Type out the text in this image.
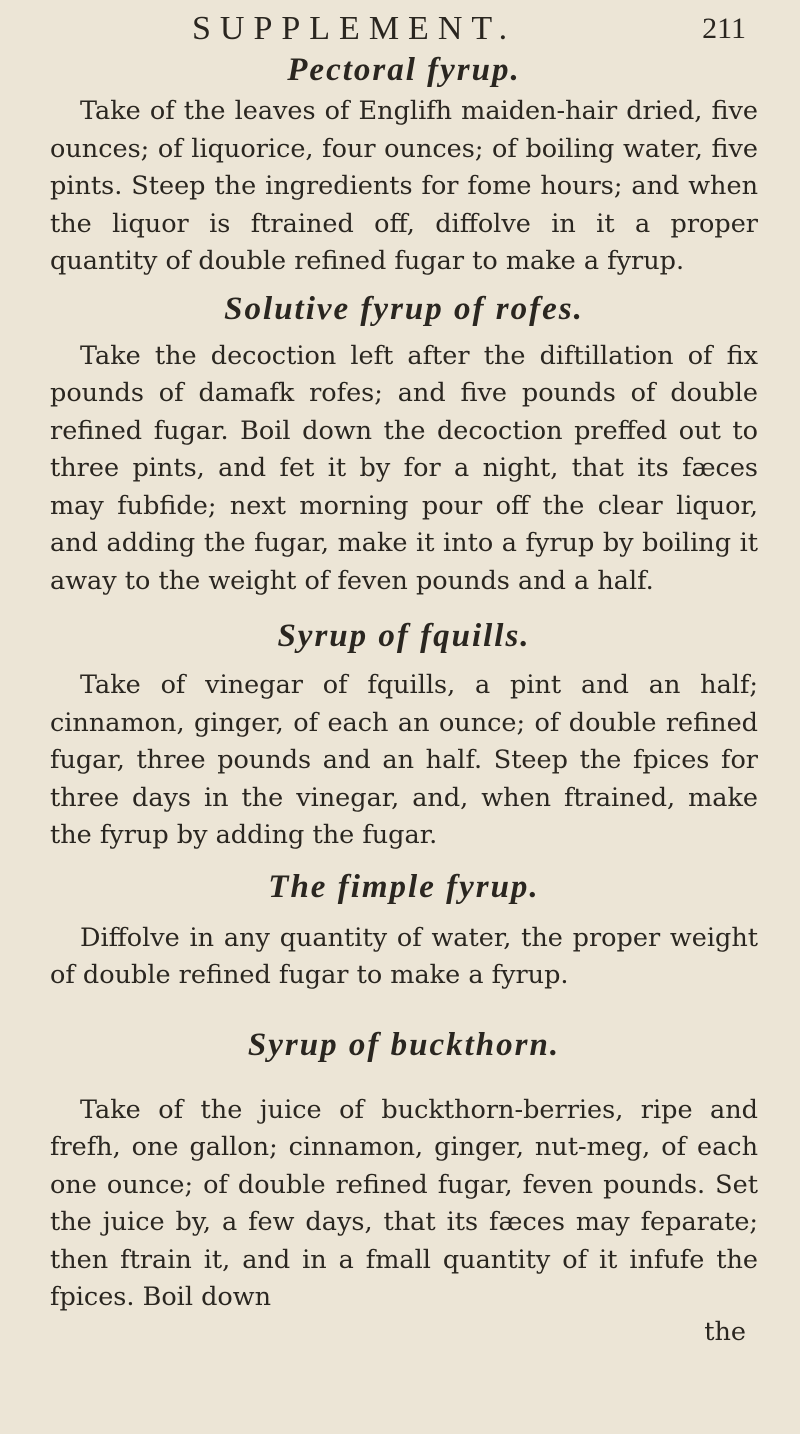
SUPPLEMENT.	211
Pectoral fyrup.

Take of the leaves of Englifh maiden-hair dried, five ounces; of liquorice, four ounces; of boiling water, five pints. Steep the ingredients for fome hours; and when the liquor is ftrained off, diffolve in it a proper quantity of double refined fugar to make a fyrup.

Solutive fyrup of rofes.

Take the decoction left after the diftillation of fix pounds of damafk rofes; and five pounds of double refined fugar. Boil down the decoction preffed out to three pints, and fet it by for a night, that its fæces may fubfide; next morning pour off the clear liquor, and adding the fugar, make it into a fyrup by boiling it away to the weight of feven pounds and a half.

Syrup of fquills.

Take of vinegar of fquills, a pint and an half; cinnamon, ginger, of each an ounce; of double refined fugar, three pounds and an half. Steep the fpices for three days in the vinegar, and, when ftrained, make the fyrup by adding the fugar.

The fimple fyrup.

Diffolve in any quantity of water, the proper weight of double refined fugar to make a fyrup.

Syrup of buckthorn.

Take of the juice of buckthorn-berries, ripe and frefh, one gallon; cinnamon, ginger, nut-meg, of each one ounce; of double refined fugar, feven pounds. Set the juice by, a few days, that its fæces may feparate; then ftrain it, and in a fmall quantity of it infufe the fpices. Boil down

the
